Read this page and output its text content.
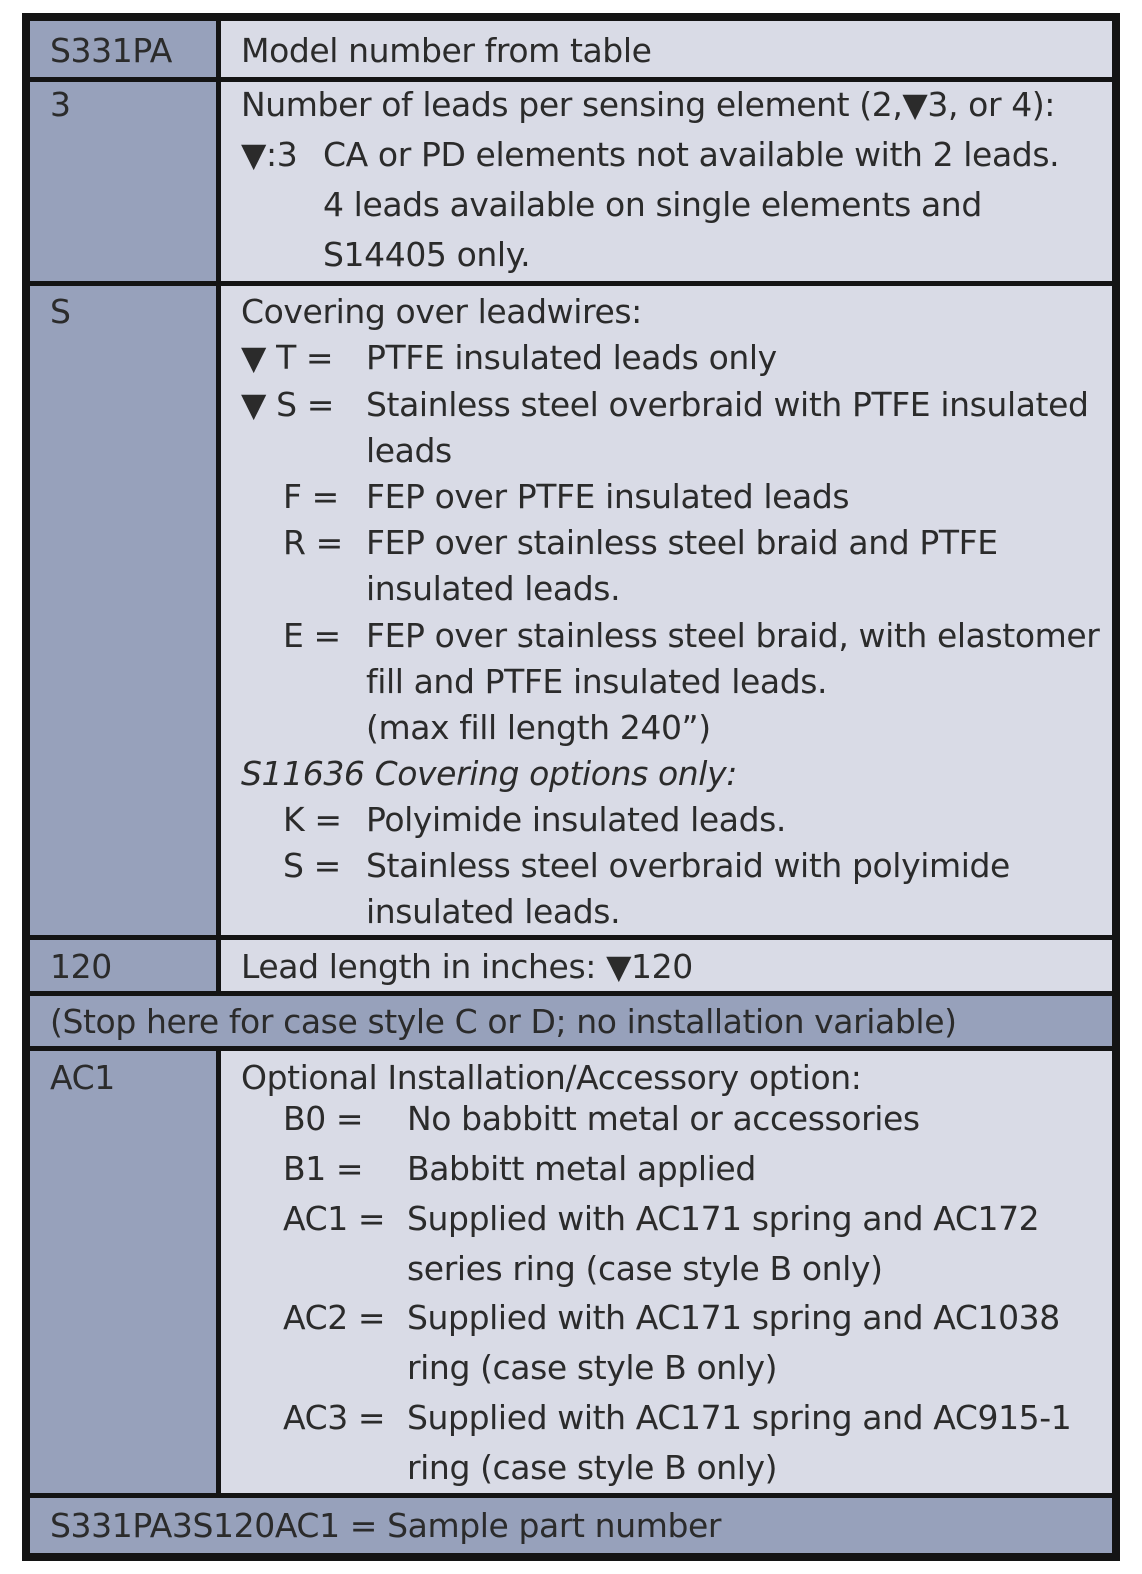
S331PA Model number from table
3	Number of leads per sensing element (2,▼3, or 4):
▼:3 CA or PD elements not available with 2 leads.
4 leads available on single elements and
S14405 only.
S	Covering over leadwires:
▼ T = PTFE insulated leads only
▼ S = Stainless steel overbraid with PTFE insulated
leads
F = FEP over PTFE insulated leads
R = FEP over stainless steel braid and PTFE
insulated leads.
E = FEP over stainless steel braid, with elastomer
fill and PTFE insulated leads.
(max fill length 240”)
S11636 Covering options only:
K = Polyimide insulated leads.
S = Stainless steel overbraid with polyimide
insulated leads.
120	Lead length in inches: ▼120
(Stop here for case style C or D; no installation variable)
AC1	Optional Installation/Accessory option:
B0 = No babbitt metal or accessories
B1 = Babbitt metal applied
AC1 = Supplied with AC171 spring and AC172
series ring (case style B only)
AC2 = Supplied with AC171 spring and AC1038
ring (case style B only)
AC3 = Supplied with AC171 spring and AC915-1
ring (case style B only)
S331PA3S120AC1 = Sample part number
